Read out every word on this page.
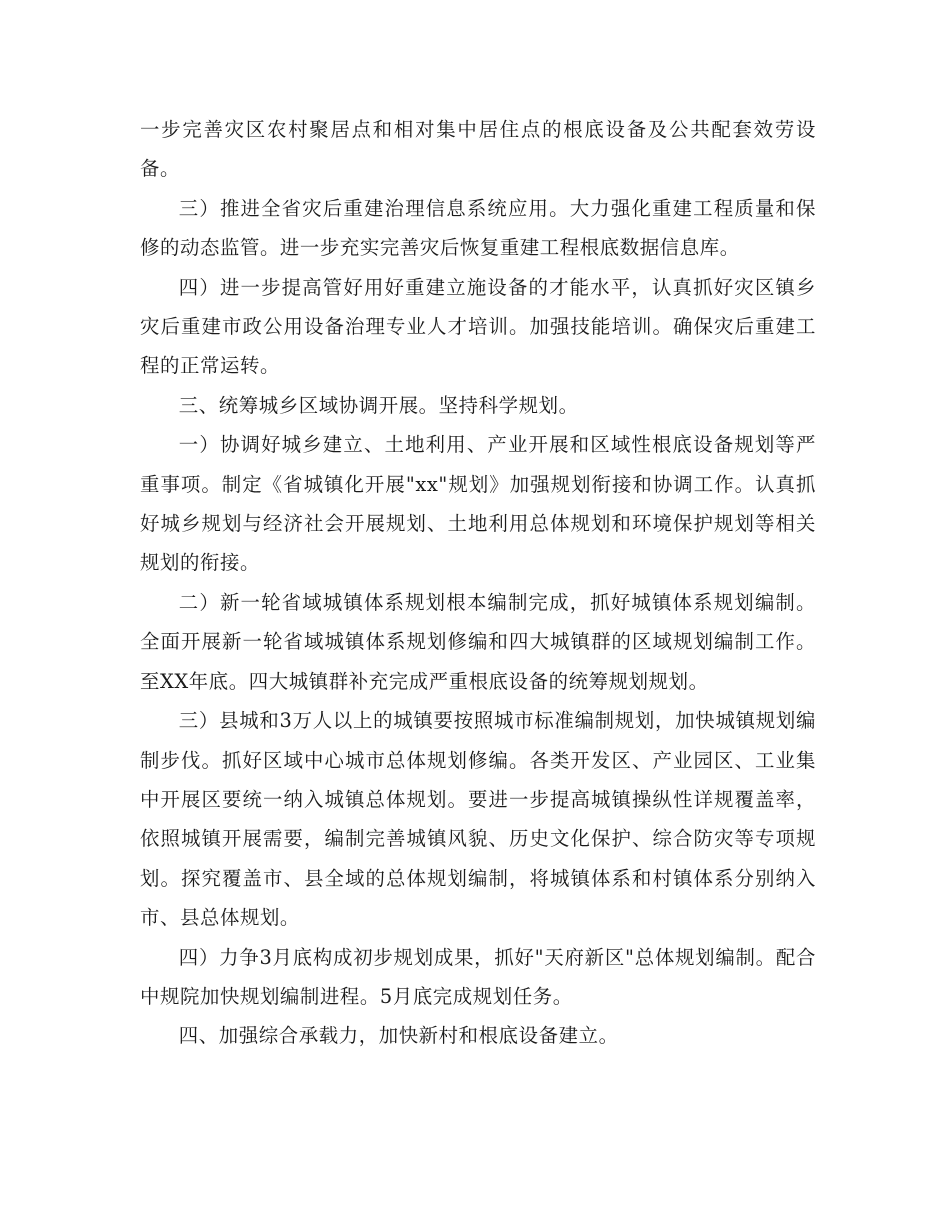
一步完善灾区农村聚居点和相对集中居住点的根底设备及公共配套效劳设备。

三）推进全省灾后重建治理信息系统应用。大力强化重建工程质量和保修的动态监管。进一步充实完善灾后恢复重建工程根底数据信息库。

四）进一步提高管好用好重建立施设备的才能水平，认真抓好灾区镇乡灾后重建市政公用设备治理专业人才培训。加强技能培训。确保灾后重建工程的正常运转。

三、统筹城乡区域协调开展。坚持科学规划。

一）协调好城乡建立、土地利用、产业开展和区域性根底设备规划等严重事项。制定《省城镇化开展"xx"规划》加强规划衔接和协调工作。认真抓好城乡规划与经济社会开展规划、土地利用总体规划和环境保护规划等相关规划的衔接。

二）新一轮省域城镇体系规划根本编制完成，抓好城镇体系规划编制。全面开展新一轮省域城镇体系规划修编和四大城镇群的区域规划编制工作。至XX年底。四大城镇群补充完成严重根底设备的统筹规划规划。

三）县城和3万人以上的城镇要按照城市标准编制规划，加快城镇规划编制步伐。抓好区域中心城市总体规划修编。各类开发区、产业园区、工业集中开展区要统一纳入城镇总体规划。要进一步提高城镇操纵性详规覆盖率，依照城镇开展需要，编制完善城镇风貌、历史文化保护、综合防灾等专项规划。探究覆盖市、县全域的总体规划编制，将城镇体系和村镇体系分别纳入市、县总体规划。

四）力争3月底构成初步规划成果，抓好"天府新区"总体规划编制。配合中规院加快规划编制进程。5月底完成规划任务。

四、加强综合承载力，加快新村和根底设备建立。
